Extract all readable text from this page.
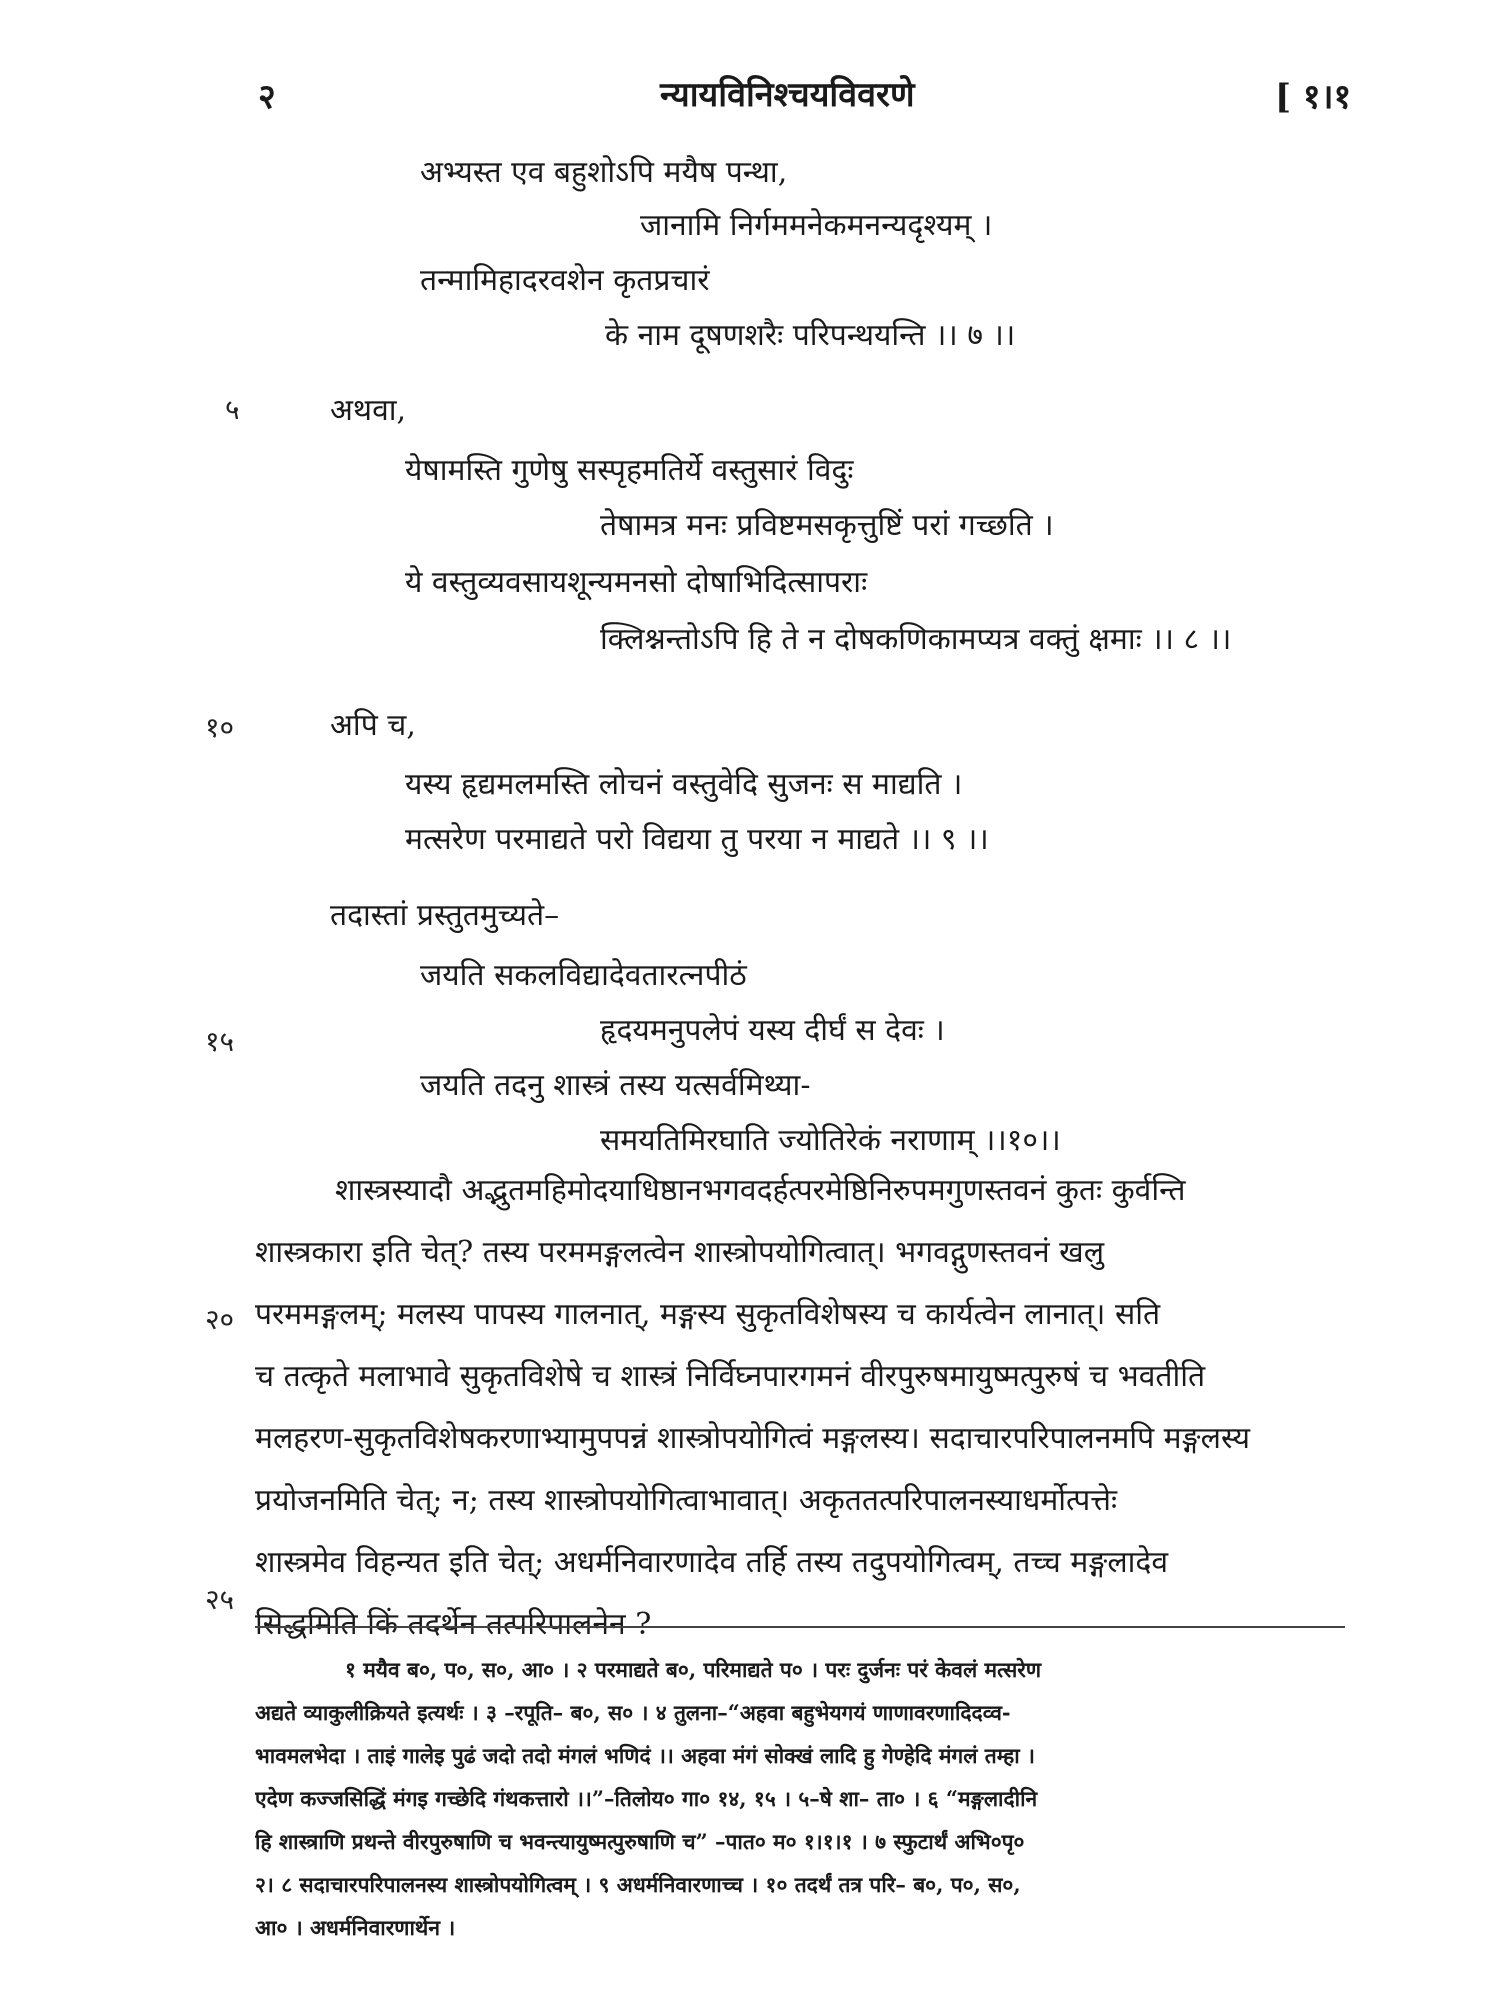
२	न्यायविनिश्चयविवरणे	[ १।१
५
१०
१५
२०
२५
अभ्यस्त एव बहुशोऽपि मयैष पन्था,
जानामि निर्गममनेकमनन्यदृश्यम् ।
तन्मामिहादरवशेन कृतप्रचारं
के नाम दूषणशरैः परिपन्थयन्ति ।। ७ ।।
अथवा,
येषामस्ति गुणेषु सस्पृहमतिर्ये वस्तुसारं विदुः
तेषामत्र मनः प्रविष्टमसकृत्तुष्टिं परां गच्छति ।
ये वस्तुव्यवसायशून्यमनसो दोषाभिदित्सापराः
क्लिश्नन्तोऽपि हि ते न दोषकणिकामप्यत्र वक्तुं क्षमाः ।। ८ ।।
अपि च,
यस्य हृद्यमलमस्ति लोचनं वस्तुवेदि सुजनः स माद्यति ।
मत्सरेण परमाद्यते परो विद्यया तु परया न माद्यते ।। ९ ।।
तदास्तां प्रस्तुतमुच्यते–
जयति सकलविद्यादेवतारत्नपीठं
हृदयमनुपलेपं यस्य दीर्घं स देवः ।
जयति तदनु शास्त्रं तस्य यत्सर्वमिथ्या-
समयतिमिरघाति ज्योतिरेकं नराणाम् ।।१०।।
शास्त्रस्यादौ अद्भुतमहिमोदयाधिष्ठानभगवदर्हत्परमेष्ठिनिरुपमगुणस्तवनं कुतः कुर्वन्ति
शास्त्रकारा इति चेत्? तस्य परममङ्गलत्वेन शास्त्रोपयोगित्वात्। भगवद्गुणस्तवनं खलु
परममङ्गलम्; मलस्य पापस्य गालनात्, मङ्गस्य सुकृतविशेषस्य च कार्यत्वेन लानात्। सति
च तत्कृते मलाभावे सुकृतविशेषे च शास्त्रं निर्विघ्नपारगमनं वीरपुरुषमायुष्मत्पुरुषं च भवतीति
मलहरण-सुकृतविशेषकरणाभ्यामुपपन्नं शास्त्रोपयोगित्वं मङ्गलस्य। सदाचारपरिपालनमपि मङ्गलस्य
प्रयोजनमिति चेत्; न; तस्य शास्त्रोपयोगित्वाभावात्। अकृततत्परिपालनस्याधर्मोत्पत्तेः
शास्त्रमेव विहन्यत इति चेत्; अधर्मनिवारणादेव तर्हि तस्य तदुपयोगित्वम्, तच्च मङ्गलादेव
सिद्धमिति किं तदर्थेन तत्परिपालनेन ?
१ मयैव ब०, प०, स०, आ० । २ परमाद्यते ब०, परिमाद्यते प० । परः दुर्जनः परं केवलं मत्सरेण
अद्यते व्याकुलीक्रियते इत्यर्थः । ३ –रपूति– ब०, स० । ४ तुलना–“अहवा बहुभेयगयं णाणावरणादिदव्व-
भावमलभेदा । ताइं गालेइ पुढं जदो तदो मंगलं भणिदं ।। अहवा मंगं सोक्खं लादि हु गेण्हेदि मंगलं तम्हा ।
एदेण कज्जसिद्धिं मंगइ गच्छेदि गंथकत्तारो ।।”–तिलोय० गा० १४, १५ । ५–षे शा– ता० । ६ “मङ्गलादीनि
हि शास्त्राणि प्रथन्ते वीरपुरुषाणि च भवन्त्यायुष्मत्पुरुषाणि च” –पात० म० १।१।१ । ७ स्फुटार्थं अभि०पृ०
२। ८ सदाचारपरिपालनस्य शास्त्रोपयोगित्वम् । ९ अधर्मनिवारणाच्च । १० तदर्थं तत्र परि– ब०, प०, स०,
आ० । अधर्मनिवारणार्थेन ।
